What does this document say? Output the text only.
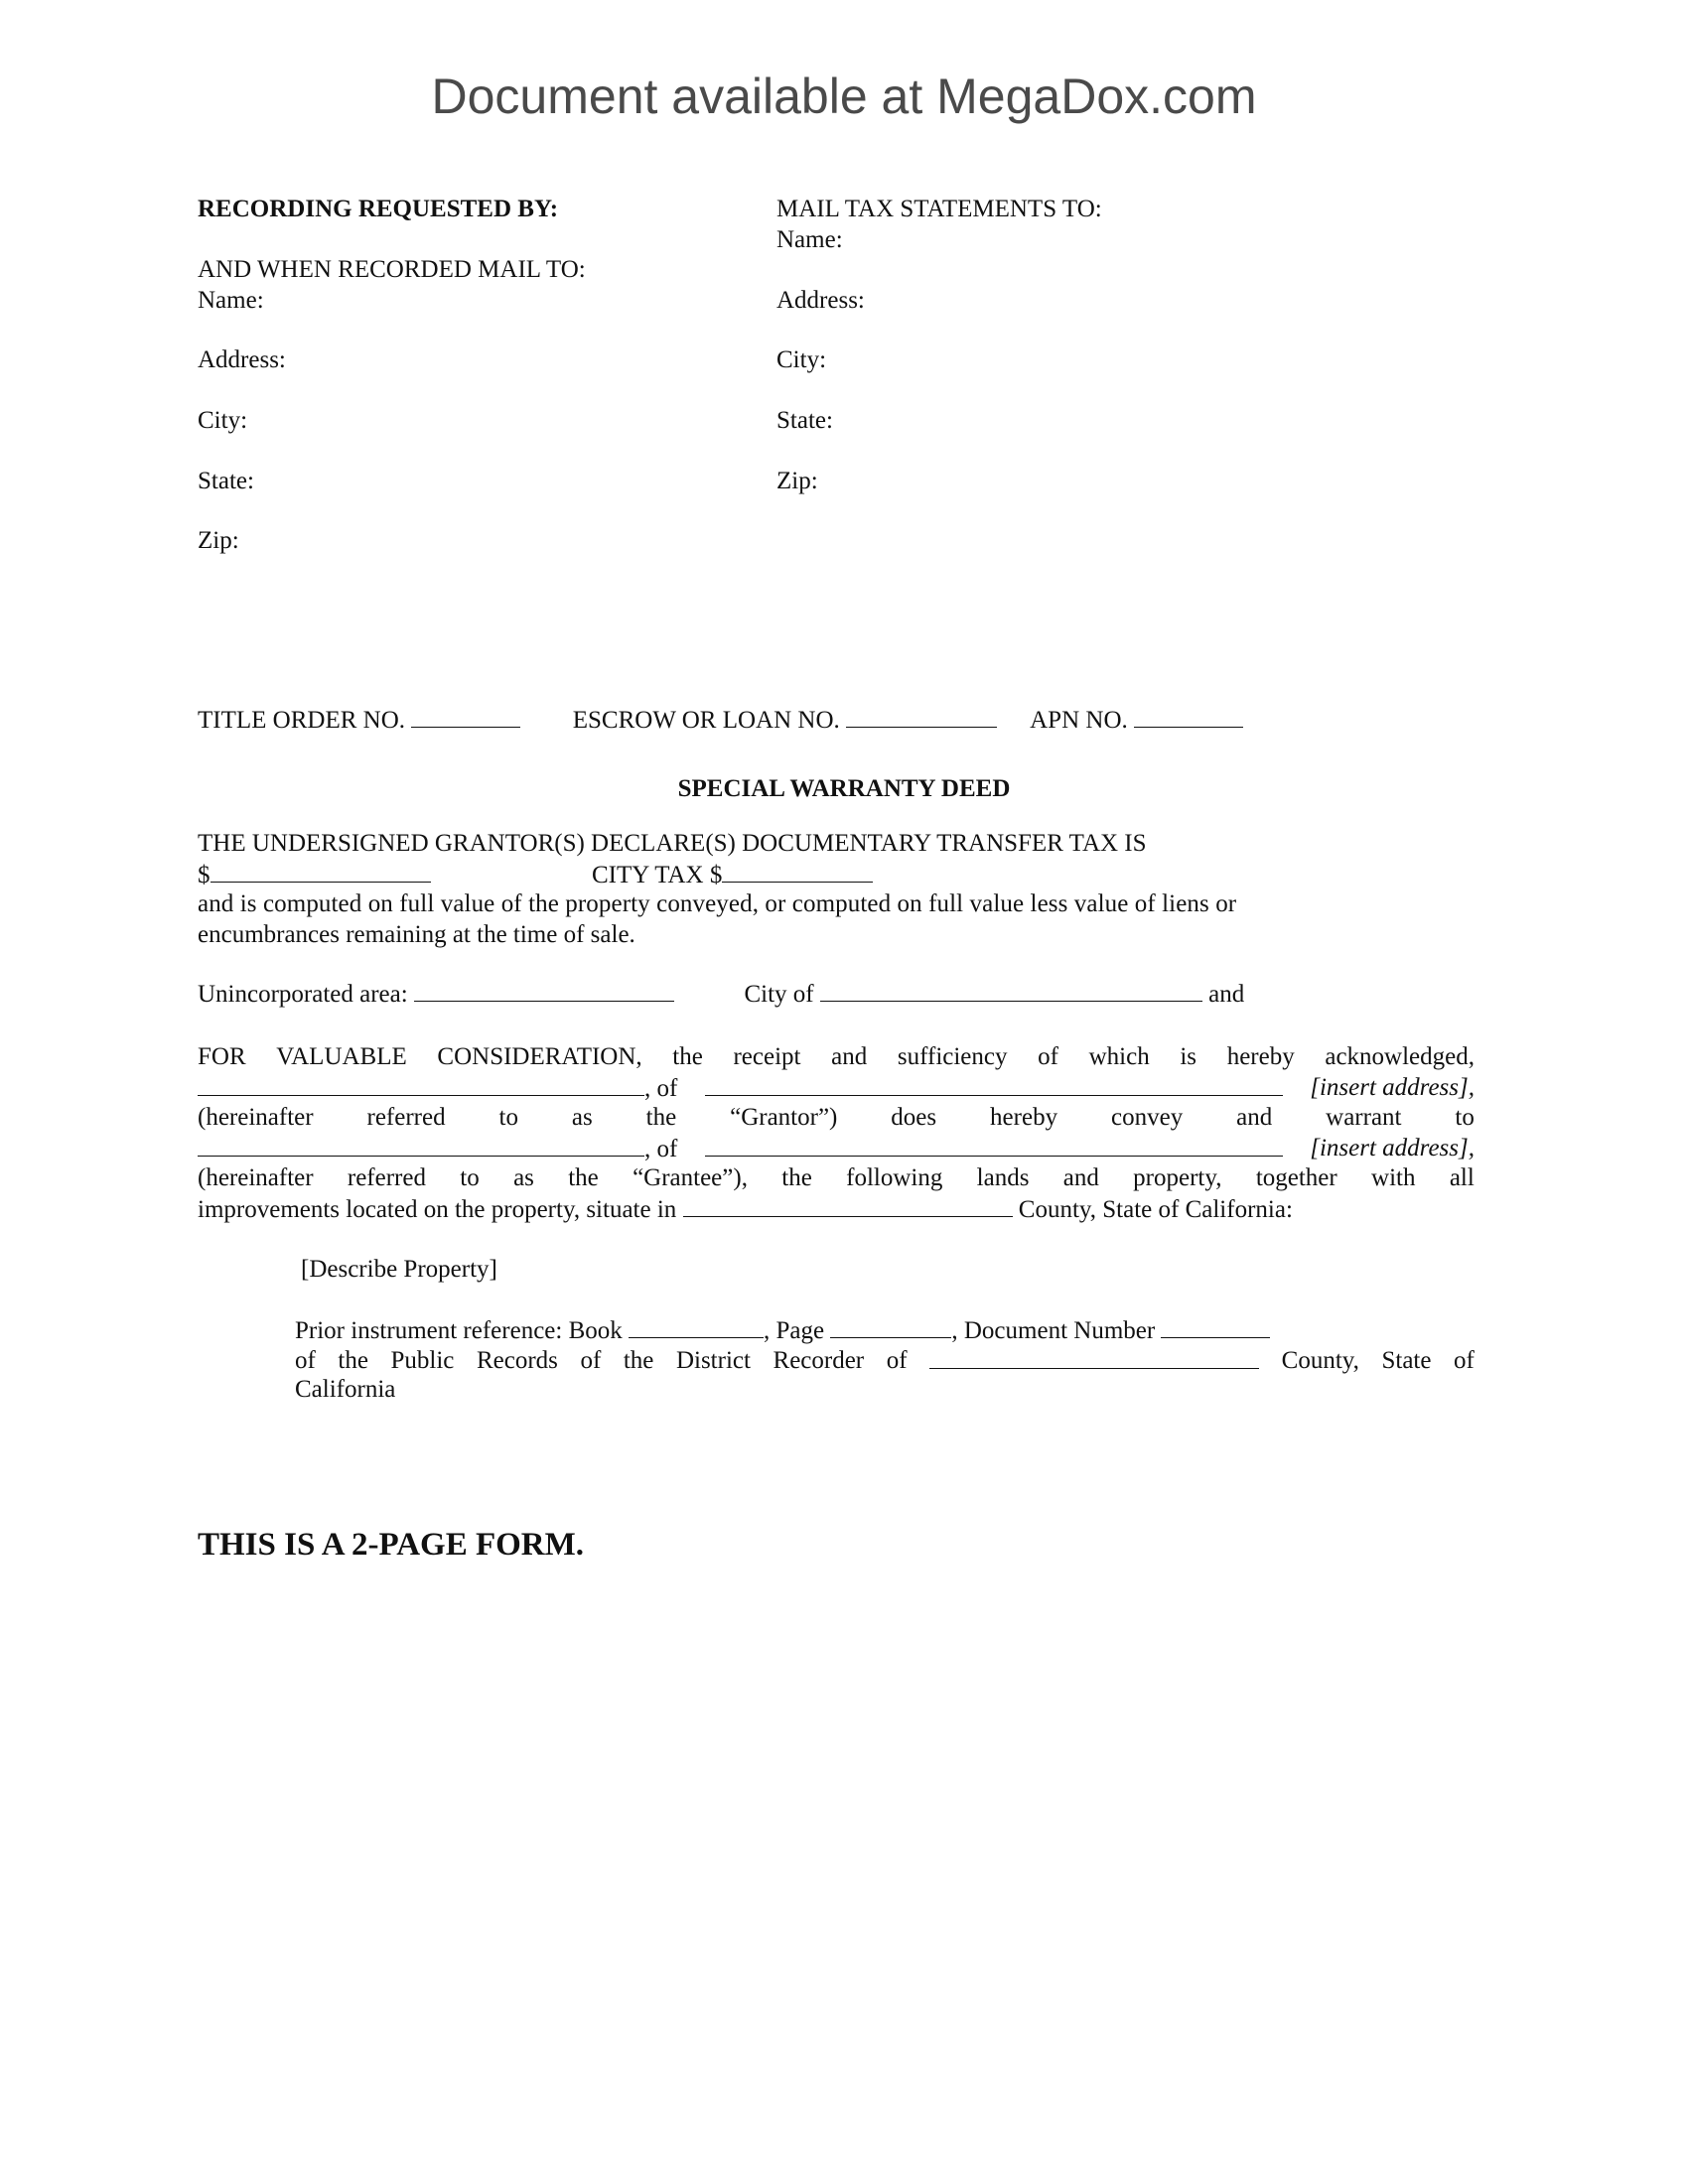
Document available at MegaDox.com
RECORDING REQUESTED BY:
AND WHEN RECORDED MAIL TO:
Name:
Address:
City:
State:
Zip:
MAIL TAX STATEMENTS TO:
Name:
Address:
City:
State:
Zip:
TITLE ORDER NO.	ESCROW OR LOAN NO.	APN NO.
SPECIAL WARRANTY DEED
THE UNDERSIGNED GRANTOR(S) DECLARE(S) DOCUMENTARY TRANSFER TAX IS
$	CITY TAX $
and is computed on full value of the property conveyed, or computed on full value less value of liens or
encumbrances remaining at the time of sale.
Unincorporated area:	City of	and
FOR VALUABLE CONSIDERATION, the receipt and sufficiency of which is hereby acknowledged,
, of	[insert address],
(hereinafter referred to as the “Grantor”) does hereby convey and warrant to
, of	[insert address],
(hereinafter referred to as the “Grantee”), the following lands and property, together with all
improvements located on the property, situate in	County, State of California:
[Describe Property]
Prior instrument reference: Book	, Page	, Document Number
of the Public Records of the District Recorder of	County, State of
California
THIS IS A 2-PAGE FORM.
